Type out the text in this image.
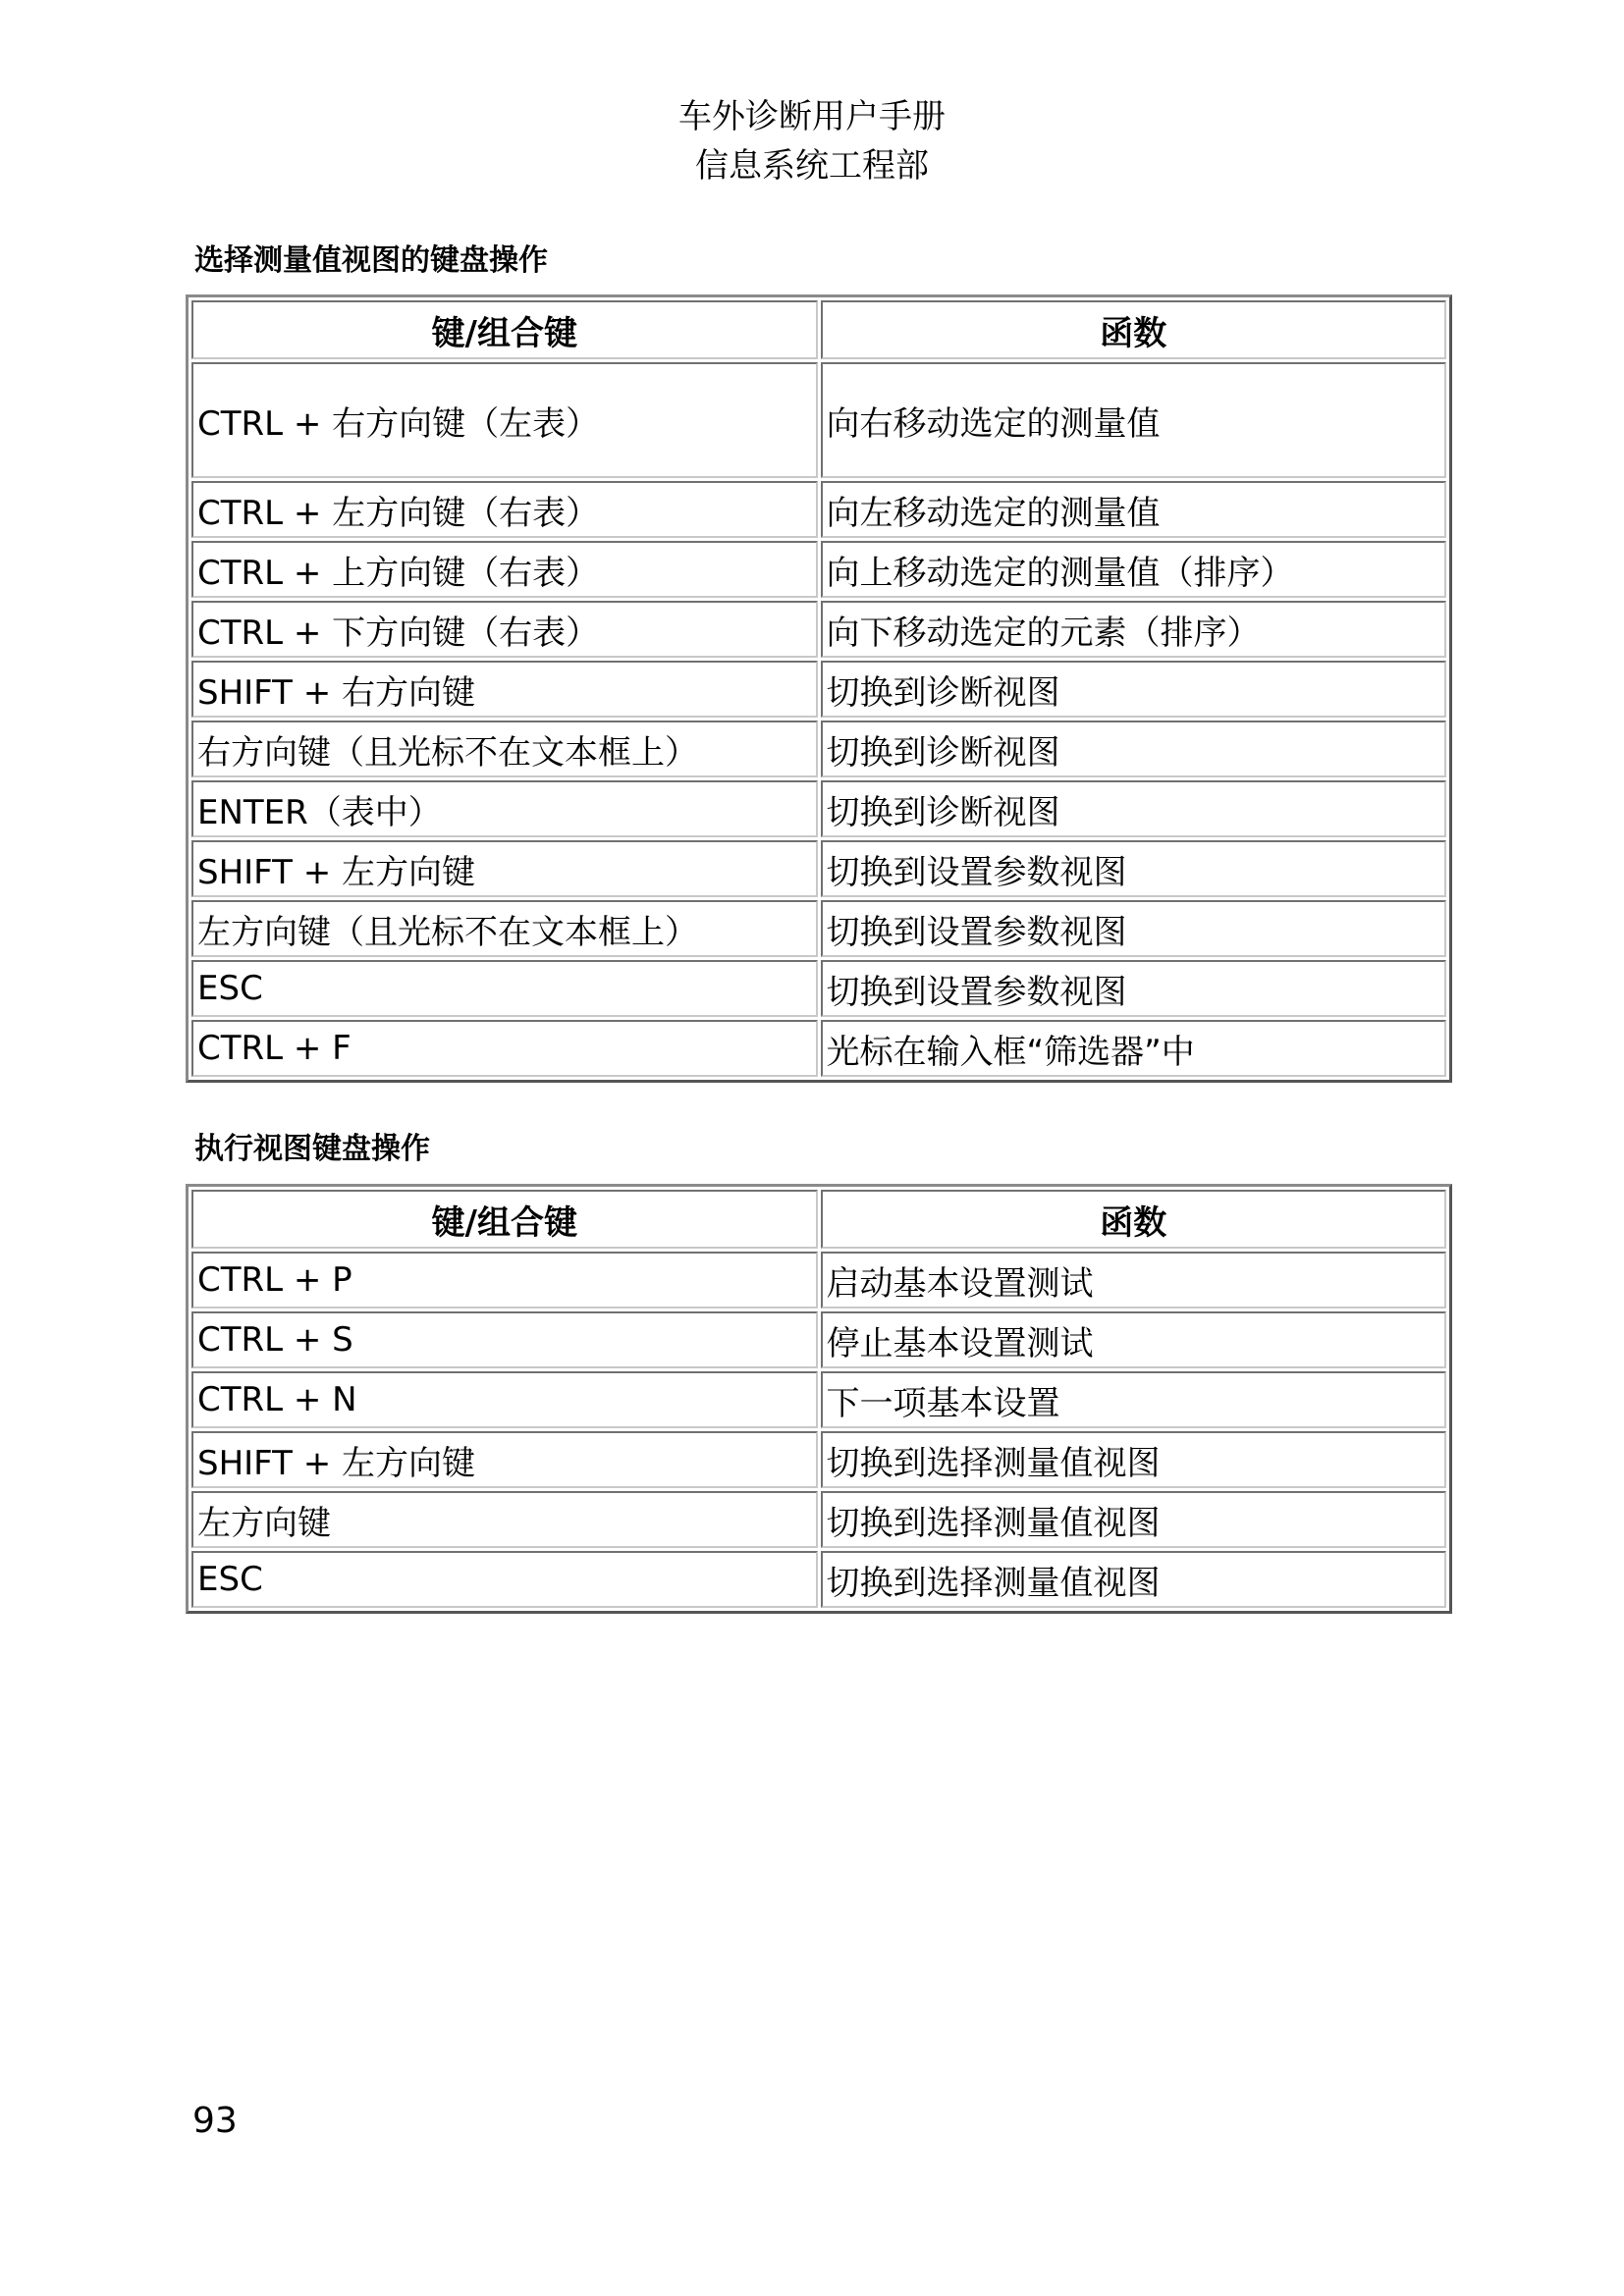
车外诊断用户手册
信息系统工程部
选择测量值视图的键盘操作
键/组合键	函数
CTRL + 右方向键（左表）	向右移动选定的测量值
CTRL + 左方向键（右表）	向左移动选定的测量值
CTRL + 上方向键（右表）	向上移动选定的测量值（排序）
CTRL + 下方向键（右表）	向下移动选定的元素（排序）
SHIFT + 右方向键	切换到诊断视图
右方向键（且光标不在文本框上）	切换到诊断视图
ENTER（表中）	切换到诊断视图
SHIFT + 左方向键	切换到设置参数视图
左方向键（且光标不在文本框上）	切换到设置参数视图
ESC	切换到设置参数视图
CTRL + F	光标在输入框“筛选器”中
执行视图键盘操作
键/组合键	函数
CTRL + P	启动基本设置测试
CTRL + S	停止基本设置测试
CTRL + N	下一项基本设置
SHIFT + 左方向键	切换到选择测量值视图
左方向键	切换到选择测量值视图
ESC	切换到选择测量值视图
93
